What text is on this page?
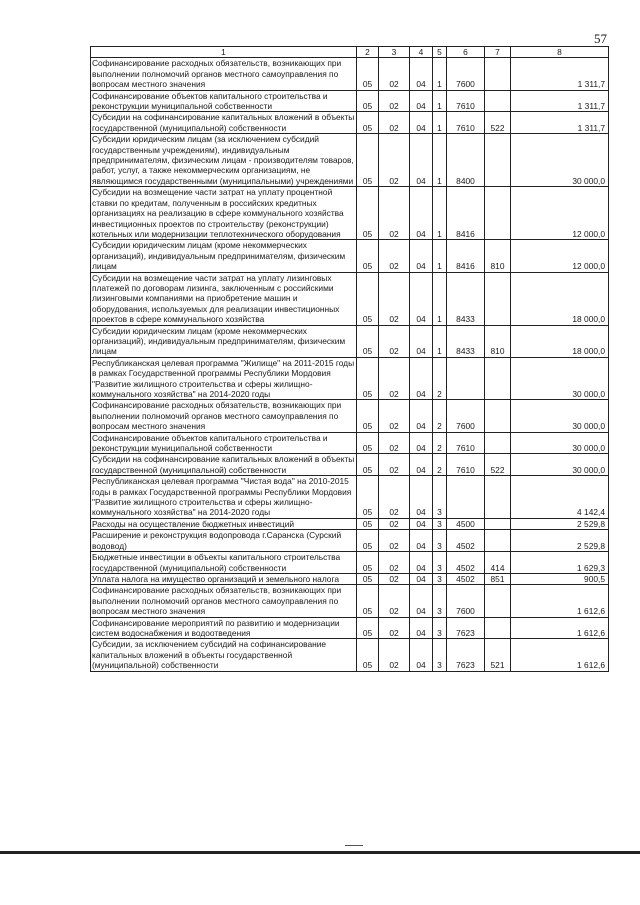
57
1	2	3	4	5	6	7	8
Софинансирование расходных обязательств, возникающих при выполнении полномочий органов местного самоуправления по вопросам местного значения	05	02	04	1	7600		1 311,7
Софинансирование объектов капитального строительства и реконструкции муниципальной собственности	05	02	04	1	7610		1 311,7
Субсидии на софинансирование капитальных вложений в объекты государственной (муниципальной) собственности	05	02	04	1	7610	522	1 311,7
Субсидии юридическим лицам (за исключением субсидий государственным учреждениям), индивидуальным предпринимателям, физическим лицам - производителям товаров, работ, услуг, а также некоммерческим организациям, не являющимся государственными (муниципальными) учреждениями	05	02	04	1	8400		30 000,0
Субсидии на возмещение части затрат на уплату процентной ставки по кредитам, полученным в российских кредитных организациях на реализацию в сфере коммунального хозяйства инвестиционных проектов по строительству (реконструкции) котельных или модернизации теплотехнического оборудования	05	02	04	1	8416		12 000,0
Субсидии юридическим лицам (кроме некоммерческих организаций), индивидуальным предпринимателям, физическим лицам	05	02	04	1	8416	810	12 000,0
Субсидии на возмещение части затрат на уплату лизинговых платежей по договорам лизинга, заключенным с российскими лизинговыми компаниями на приобретение машин и оборудования, используемых для реализации инвестиционных проектов в сфере коммунального хозяйства	05	02	04	1	8433		18 000,0
Субсидии юридическим лицам (кроме некоммерческих организаций), индивидуальным предпринимателям, физическим лицам	05	02	04	1	8433	810	18 000,0
Республиканская целевая программа "Жилище" на 2011-2015 годы в рамках Государственной программы Республики Мордовия "Развитие жилищного строительства и сферы жилищно-коммунального хозяйства" на 2014-2020 годы	05	02	04	2			30 000,0
Софинансирование расходных обязательств, возникающих при выполнении полномочий органов местного самоуправления по вопросам местного значения	05	02	04	2	7600		30 000,0
Софинансирование объектов капитального строительства и реконструкции муниципальной собственности	05	02	04	2	7610		30 000,0
Субсидии на софинансирование капитальных вложений в объекты государственной (муниципальной) собственности	05	02	04	2	7610	522	30 000,0
Республиканская целевая программа "Чистая вода" на 2010-2015 годы в рамках Государственной программы Республики Мордовия "Развитие жилищного строительства и сферы жилищно-коммунального хозяйства" на 2014-2020 годы	05	02	04	3			4 142,4
Расходы на осуществление бюджетных инвестиций	05	02	04	3	4500		2 529,8
Расширение и реконструкция водопровода г.Саранска (Сурский водовод)	05	02	04	3	4502		2 529,8
Бюджетные инвестиции в объекты капитального строительства государственной (муниципальной) собственности	05	02	04	3	4502	414	1 629,3
Уплата налога на имущество организаций и земельного налога	05	02	04	3	4502	851	900,5
Софинансирование расходных обязательств, возникающих при выполнении полномочий органов местного самоуправления по вопросам местного значения	05	02	04	3	7600		1 612,6
Софинансирование мероприятий по развитию и модернизации систем водоснабжения и водоотведения	05	02	04	3	7623		1 612,6
Субсидии, за исключением субсидий на софинансирование капитальных вложений в объекты государственной (муниципальной) собственности	05	02	04	3	7623	521	1 612,6
